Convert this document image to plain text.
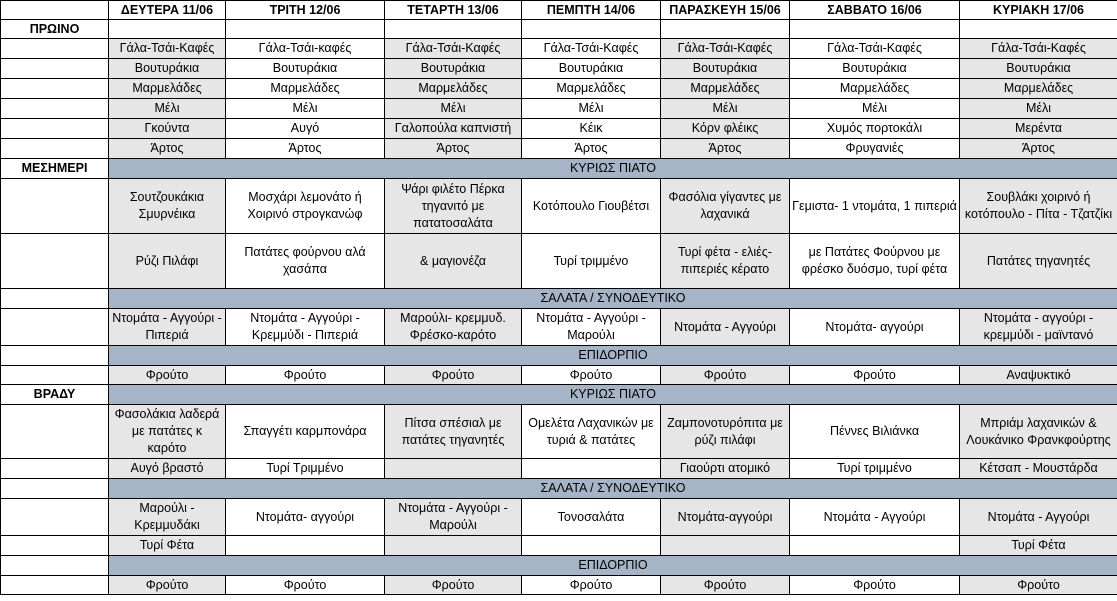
	ΔΕΥΤΕΡΑ 11/06	ΤΡΙΤΗ 12/06	ΤΕΤΑΡΤΗ 13/06	ΠΕΜΠΤΗ 14/06	ΠΑΡΑΣΚΕΥΗ 15/06	ΣΑΒΒΑΤΟ 16/06	ΚΥΡΙΑΚΗ 17/06
ΠΡΩΙΝΟ							
	Γάλα-Τσάι-Καφές	Γάλα-Τσάι-καφές	Γάλα-Τσάι-Καφές	Γάλα-Τσάι-Καφές	Γάλα-Τσάι-Καφές	Γάλα-Τσάι-Καφές	Γάλα-Τσάι-Καφές
	Βουτυράκια	Βουτυράκια	Βουτυράκια	Βουτυράκια	Βουτυράκια	Βουτυράκια	Βουτυράκια
	Μαρμελάδες	Μαρμελάδες	Μαρμελάδες	Μαρμελάδες	Μαρμελάδες	Μαρμελάδες	Μαρμελάδες
	Μέλι	Μέλι	Μέλι	Μέλι	Μέλι	Μέλι	Μέλι
	Γκούντα	Αυγό	Γαλοπούλα καπνιστή	Κέικ	Κόρν φλέικς	Χυμός πορτοκάλι	Μερέντα
	Άρτος	Άρτος	Άρτος	Άρτος	Άρτος	Φρυγανιές	Άρτος
ΜΕΣΗΜΕΡΙ	ΚΥΡΙΩΣ ΠΙΑΤΟ						
	Σουτζουκάκια Σμυρνέικα	Μοσχάρι λεμονάτο ή Χοιρινό στρογκανώφ	Ψάρι φιλέτο Πέρκα τηγανιτό με πατατοσαλάτα	Κοτόπουλο Γιουβέτσι	Φασόλια γίγαντες με λαχανικά	Γεμιστα- 1 ντομάτα, 1 πιπεριά	Σουβλάκι χοιρινό ή κοτόπουλο - Πίτα - Τζατζίκι
	Ρύζι Πιλάφι	Πατάτες φούρνου αλά χασάπα	& μαγιονέζα	Τυρί τριμμένο	Τυρί φέτα - ελιές- πιπεριές κέρατο	με Πατάτες Φούρνου με φρέσκο δυόσμο, τυρί φέτα	Πατάτες τηγανητές
	ΣΑΛΑΤΑ / ΣΥΝΟΔΕΥΤΙΚΟ						
	Ντομάτα - Αγγούρι - Πιπεριά	Ντομάτα - Αγγούρι - Κρεμμύδι - Πιπεριά	Μαρούλι- κρεμμυδ. Φρέσκο-καρότο	Ντομάτα - Αγγούρι - Μαρούλι	Ντομάτα - Αγγούρι	Ντομάτα- αγγούρι	Ντομάτα - αγγούρι - κρεμμύδι - μαϊντανό
	ΕΠΙΔΟΡΠΙΟ						
	Φρούτο	Φρούτο	Φρούτο	Φρούτο	Φρούτο	Φρούτο	Αναψυκτικό
ΒΡΑΔΥ	ΚΥΡΙΩΣ ΠΙΑΤΟ						
	Φασολάκια λαδερά με πατάτες κ καρότο	Σπαγγέτι καρμπονάρα	Πίτσα σπέσιαλ με πατάτες τηγανητές	Ομελέτα Λαχανικών με τυριά & πατάτες	Ζαμπονοτυρόπιτα με ρύζι πιλάφι	Πέννες Βιλιάνκα	Μπριάμ λαχανικών & Λουκάνικο Φρανκφούρτης
	Αυγό βραστό	Τυρί Τριμμένο			Γιαούρτι ατομικό	Τυρί τριμμένο	Κέτσαπ - Μουστάρδα
	ΣΑΛΑΤΑ / ΣΥΝΟΔΕΥΤΙΚΟ						
	Μαρούλι - Κρεμμυδάκι	Ντομάτα- αγγούρι	Ντομάτα - Αγγούρι - Μαρούλι	Τονοσαλάτα	Ντομάτα-αγγούρι	Ντομάτα - Αγγούρι	Ντομάτα - Αγγούρι
	Τυρί Φέτα						Τυρί Φέτα
	ΕΠΙΔΟΡΠΙΟ						
	Φρούτο	Φρούτο	Φρούτο	Φρούτο	Φρούτο	Φρούτο	Φρούτο
